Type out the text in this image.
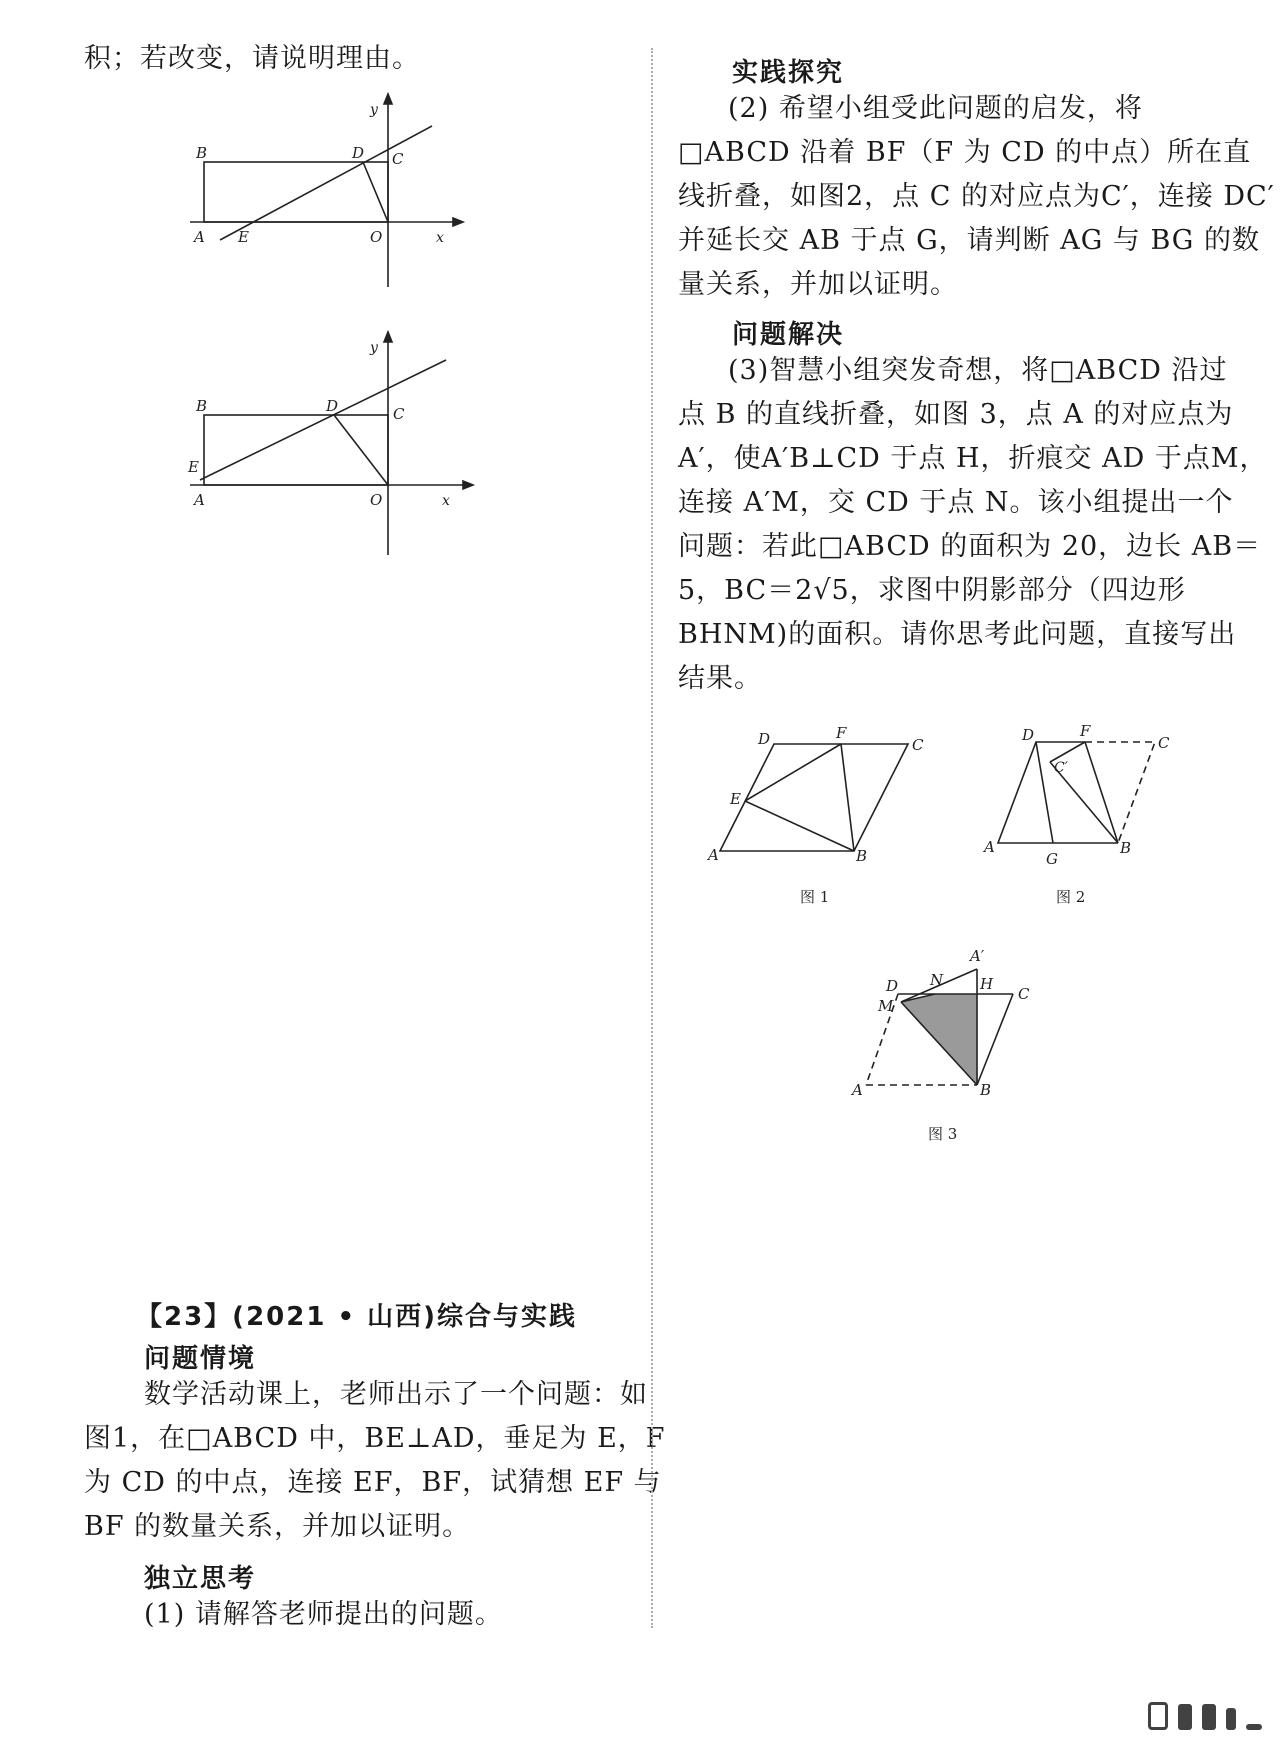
积；若改变，请说明理由。
y
B	D C
A E	O	x
y
B	D	C
E
A	O	x
【23】(2021 • 山西)综合与实践
问题情境
数学活动课上，老师出示了一个问题：如
图1，在□ABCD 中，BE⊥AD，垂足为 E，F
为 CD 的中点，连接 EF，BF，试猜想 EF 与
BF 的数量关系，并加以证明。
独立思考
(1) 请解答老师提出的问题。
实践探究
(2) 希望小组受此问题的启发，将
□ABCD 沿着 BF（F 为 CD 的中点）所在直
线折叠，如图2，点 C 的对应点为C′，连接 DC′
并延长交 AB 于点 G，请判断 AG 与 BG 的数
量关系，并加以证明。
问题解决
(3)智慧小组突发奇想，将□ABCD 沿过
点 B 的直线折叠，如图 3，点 A 的对应点为
A′，使A′B⊥CD 于点 H，折痕交 AD 于点M，
连接 A′M，交 CD 于点 N。该小组提出一个
问题：若此□ABCD 的面积为 20，边长 AB＝
5，BC＝2√5，求图中阴影部分（四边形
BHNM)的面积。请你思考此问题，直接写出
结果。
D	F
C
E
A	B
图 1
D	F
C
C′
A
G
B
图 2
A′
D N H
C
M
A	B
图 3
